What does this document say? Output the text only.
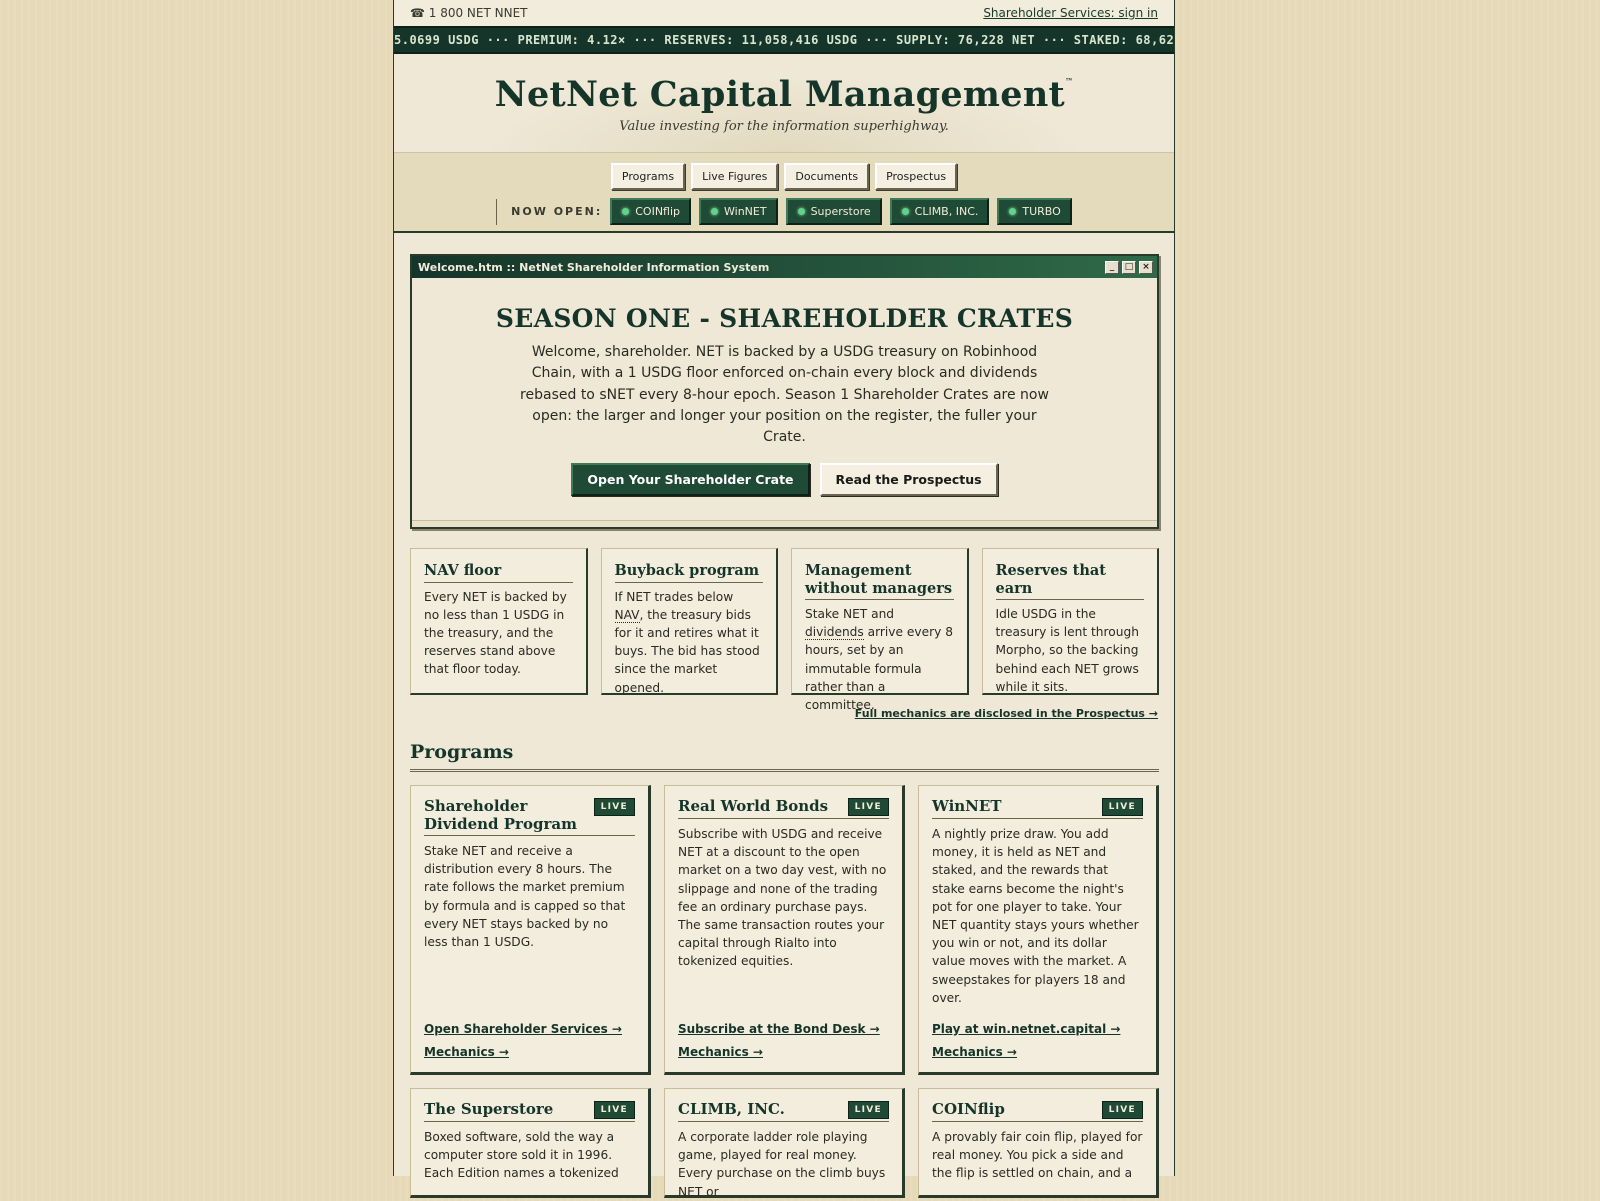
☎ 1 800 NET NNET	Shareholder Services: sign in
5.0699 USDG ··· PREMIUM: 4.12× ··· RESERVES: 11,058,416 USDG ··· SUPPLY: 76,228 NET ··· STAKED: 68,62
NetNet Capital Management™
Value investing for the information superhighway.
Programs	Live Figures	Documents	Prospectus
NOW OPEN:	COINflip	WinNET	Superstore	CLIMB, INC.	TURBO
Welcome.htm :: NetNet Shareholder Information System	_	□ ×
SEASON ONE - SHAREHOLDER CRATES

Welcome, shareholder. NET is backed by a USDG treasury on Robinhood Chain, with a 1 USDG floor enforced on-chain every block and dividends rebased to sNET every 8-hour epoch. Season 1 Shareholder Crates are now open: the larger and longer your position on the register, the fuller your Crate.

Open Your Shareholder Crate	Read the Prospectus
NAV floor

Every NET is backed by no less than 1 USDG in the treasury, and the reserves stand above that floor today.

Buyback program

If NET trades below NAV, the treasury bids for it and retires what it buys. The bid has stood since the market opened.

Management without managers

Stake NET and dividends arrive every 8 hours, set by an immutable formula rather than a committee.

Reserves that earn

Idle USDG in the treasury is lent through Morpho, so the backing behind each NET grows while it sits.

Full mechanics are disclosed in the Prospectus →
Programs
Shareholder Dividend Program
LIVE

Stake NET and receive a distribution every 8 hours. The rate follows the market premium by formula and is capped so that every NET stays backed by no less than 1 USDG.

Open Shareholder Services →
Mechanics →
Real World Bonds	LIVE

Subscribe with USDG and receive NET at a discount to the open market on a two day vest, with no slippage and none of the trading fee an ordinary purchase pays. The same transaction routes your capital through Rialto into tokenized equities.

Subscribe at the Bond Desk →
Mechanics →
WinNET	LIVE

A nightly prize draw. You add money, it is held as NET and staked, and the rewards that stake earns become the night's pot for one player to take. Your NET quantity stays yours whether you win or not, and its dollar value moves with the market. A sweepstakes for players 18 and over.

Play at win.netnet.capital →
Mechanics →
The Superstore	LIVE

Boxed software, sold the way a computer store sold it in 1996. Each Edition names a tokenized

CLIMB, INC.	LIVE

A corporate ladder role playing game, played for real money. Every purchase on the climb buys NET or

COINflip	LIVE

A provably fair coin flip, played for real money. You pick a side and the flip is settled on chain, and a
